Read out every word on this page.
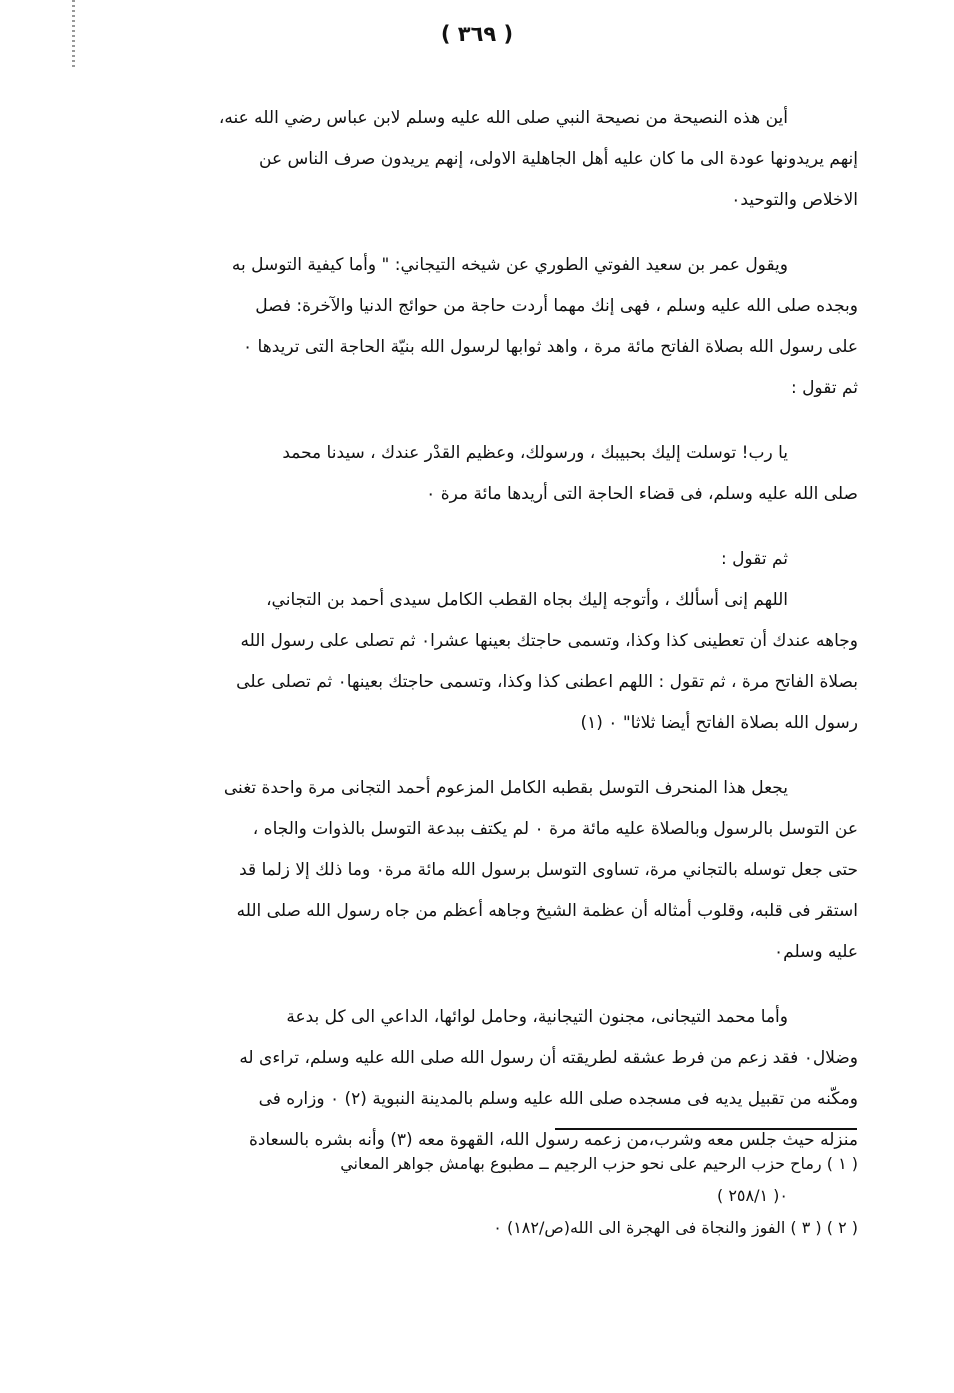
( ٣٦٩ )

أين هذه النصيحة من نصيحة النبي صلى الله عليه وسلم لابن عباس رضي الله عنه،

إنهم يريدونها عودة الى ما كان عليه أهل الجاهلية الاولى، إنهم يريدون صرف الناس عن

الاخلاص والتوحيد٠

ويقول عمر بن سعيد الفوتي الطوري عن شيخه التيجاني: " وأما كيفية التوسل به

وبجده صلى الله عليه وسلم ، فهى إنك مهما أردت حاجة من حوائج الدنيا والآخرة: فصل

على رسول الله بصلاة الفاتح مائة مرة ، واهد ثوابها لرسول الله بنيّة الحاجة التى تريدها ٠

ثم تقول :

يا رب! توسلت إليك بحبيبك ، ورسولك، وعظيم القدْر عندك ، سيدنا محمد

صلى الله عليه وسلم، فى قضاء الحاجة التى أريدها مائة مرة ٠

ثم تقول :

اللهم إنى أسألك ، وأتوجه إليك بجاه القطب الكامل سيدى أحمد بن التجاني،

وجاهه عندك أن تعطينى كذا وكذا، وتسمى حاجتك بعينها عشرا٠ ثم تصلى على رسول الله

بصلاة الفاتح مرة ، ثم تقول : اللهم اعطنى كذا وكذا، وتسمى حاجتك بعينها٠ ثم تصلى على

رسول الله بصلاة الفاتح أيضا ثلاثا" ٠ (١)

يجعل هذا المنحرف التوسل بقطبه الكامل المزعوم أحمد التجانى مرة واحدة تغنى

عن التوسل بالرسول وبالصلاة عليه مائة مرة ٠ لم يكتف ببدعة التوسل بالذوات والجاه ،

حتى جعل توسله بالتجاني مرة، تساوى التوسل برسول الله مائة مرة٠ وما ذلك إلا زلما قد

استقر فى قلبه، وقلوب أمثاله أن عظمة الشيخ وجاهه أعظم من جاه رسول الله صلى الله

عليه وسلم٠

وأما محمد التيجانى، مجنون التيجانية، وحامل لوائها، الداعي الى كل بدعة

وضلال٠ فقد زعم من فرط عشقه لطريقته أن رسول الله صلى الله عليه وسلم، تراءى له

ومكّنه من تقبيل يديه فى مسجده صلى الله عليه وسلم بالمدينة النبوية (٢) ٠ وزاره فى

منزله حيث جلس معه وشرب،من زعمه رسول الله، القهوة معه (٣) وأنه بشره بالسعادة

( ١ ) رماح حزب الرحيم على نحو حزب الرجيم ــ مطبوع بهامش جواهر المعاني

٠( ٢٥٨/١ )

( ٢ ) ( ٣ ) الفوز والنجاة فى الهجرة الى الله(ص/١٨٢) ٠
